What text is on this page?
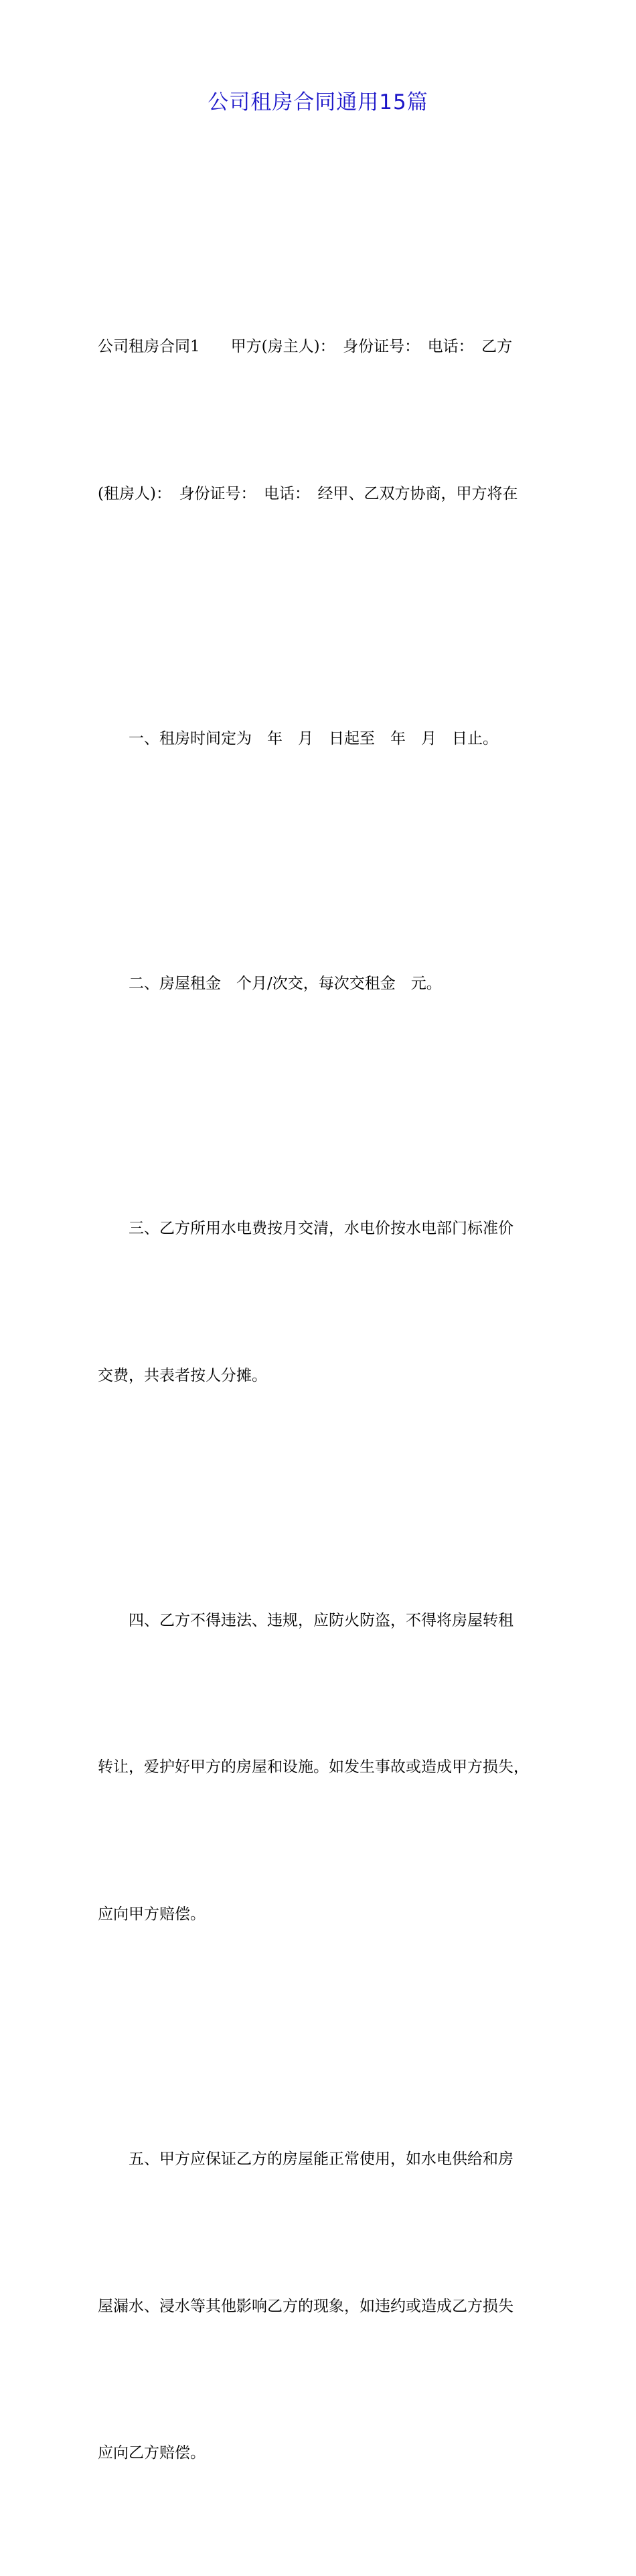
公司租房合同通用15篇

公司租房合同1　　甲方(房主人)：　身份证号：　电话：　乙方

(租房人)：　身份证号：　电话：　经甲、乙双方协商，甲方将在

一、租房时间定为　年　月　日起至　年　月　日止。

二、房屋租金　个月/次交，每次交租金　元。

三、乙方所用水电费按月交清，水电价按水电部门标准价

交费，共表者按人分摊。

四、乙方不得违法、违规，应防火防盗，不得将房屋转租

转让，爱护好甲方的房屋和设施。如发生事故或造成甲方损失，

应向甲方赔偿。

五、甲方应保证乙方的房屋能正常使用，如水电供给和房

屋漏水、浸水等其他影响乙方的现象，如违约或造成乙方损失

应向乙方赔偿。
